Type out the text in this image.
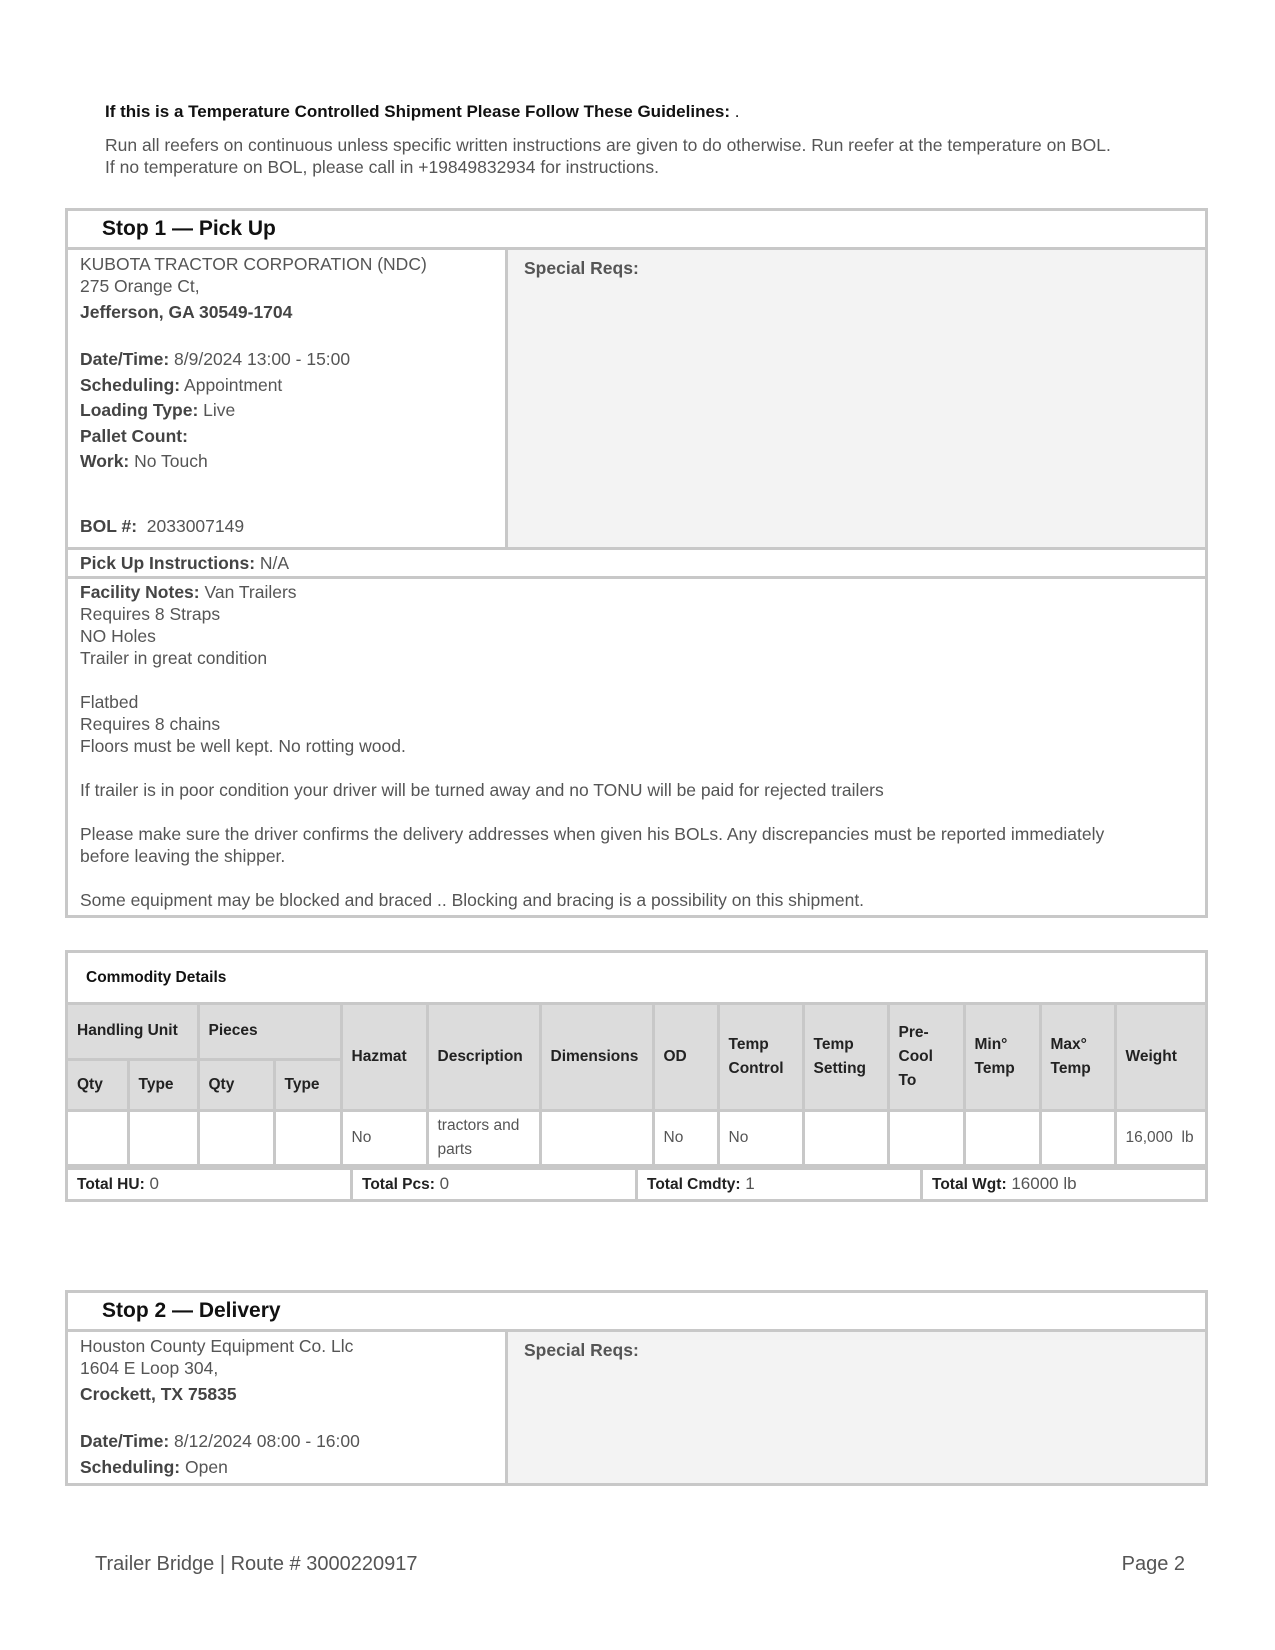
If this is a Temperature Controlled Shipment Please Follow These Guidelines: .
Run all reefers on continuous unless specific written instructions are given to do otherwise. Run reefer at the temperature on BOL.
If no temperature on BOL, please call in +19849832934 for instructions.
Stop 1 — Pick Up
KUBOTA TRACTOR CORPORATION (NDC)
275 Orange Ct,
Jefferson, GA 30549-1704
Date/Time: 8/9/2024 13:00 - 15:00
Scheduling: Appointment
Loading Type: Live
Pallet Count:
Work: No Touch
BOL #:  2033007149
Special Reqs:
Pick Up Instructions: N/A
Facility Notes: Van Trailers
Requires 8 Straps
NO Holes
Trailer in great condition
Flatbed
Requires 8 chains
Floors must be well kept. No rotting wood.
If trailer is in poor condition your driver will be turned away and no TONU will be paid for rejected trailers
Please make sure the driver confirms the delivery addresses when given his BOLs. Any discrepancies must be reported immediately
before leaving the shipper.
Some equipment may be blocked and braced .. Blocking and bracing is a possibility on this shipment.
Commodity Details
Handling Unit		Pieces		Hazmat	Description	Dimensions	OD	Temp Control	Temp Setting	Pre-Cool To	Min° Temp	Max° Temp	Weight
Qty	Type	Qty	Type										
				No	tractors and parts		No	No					16,000  lb
Total HU: 0	Total Pcs: 0	Total Cmdty: 1	Total Wgt: 16000 lb
Stop 2 — Delivery
Houston County Equipment Co. Llc
1604 E Loop 304,
Crockett, TX 75835
Date/Time: 8/12/2024 08:00 - 16:00
Scheduling: Open
Special Reqs:
Trailer Bridge | Route # 3000220917	Page 2
